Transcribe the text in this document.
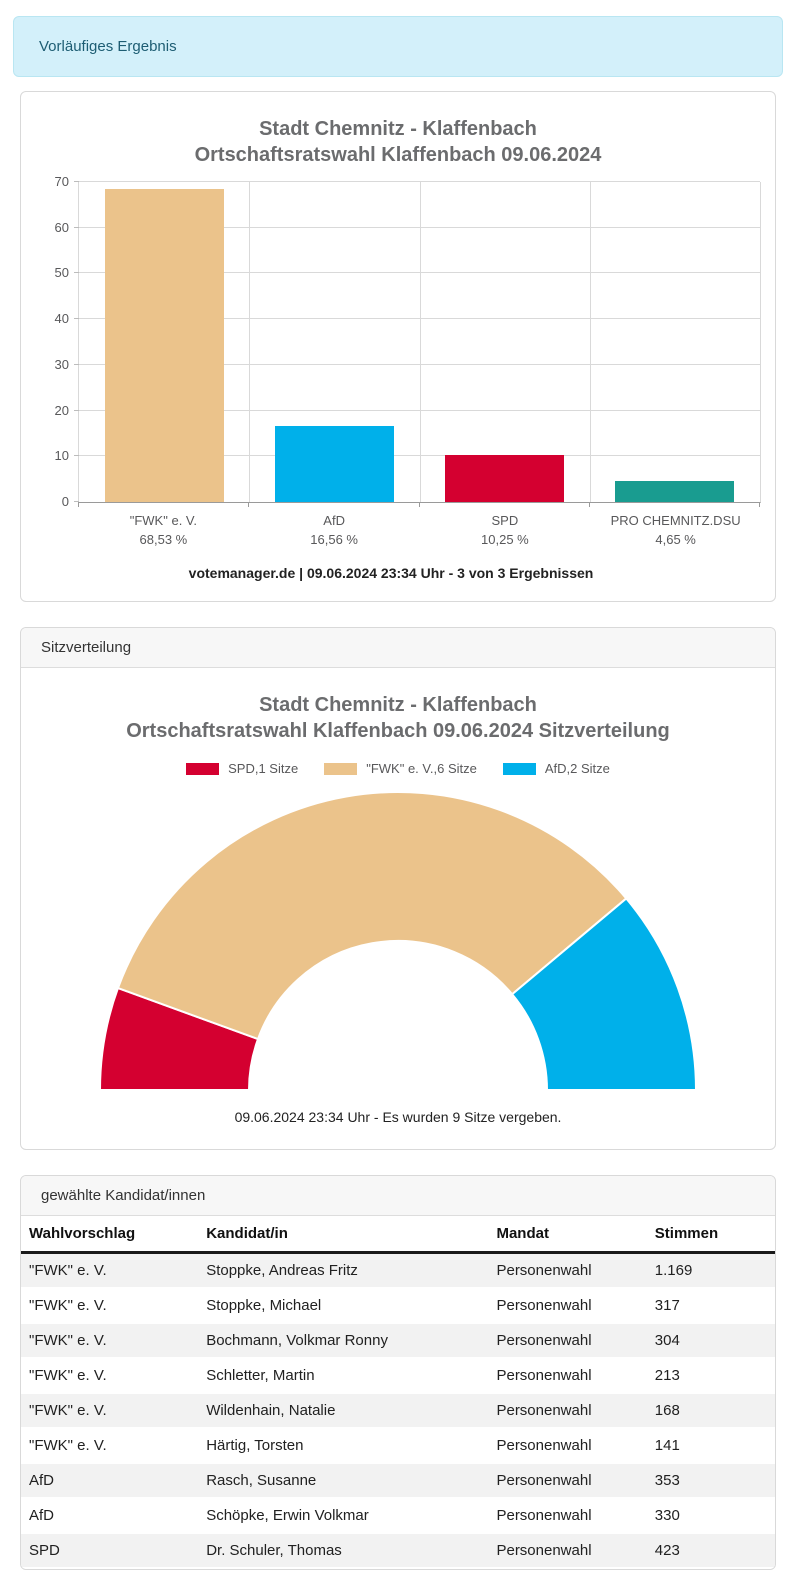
Vorläufiges Ergebnis
Stadt Chemnitz - Klaffenbach
Ortschaftsratswahl Klaffenbach 09.06.2024
0
10
20
30
40
50
60
70
"FWK" e. V.
68,53 %
AfD
16,56 %
SPD
10,25 %
PRO CHEMNITZ.DSU
4,65 %
votemanager.de | 09.06.2024 23:34 Uhr - 3 von 3 Ergebnissen
Sitzverteilung
Stadt Chemnitz - Klaffenbach
Ortschaftsratswahl Klaffenbach 09.06.2024 Sitzverteilung
SPD,1 Sitze	"FWK" e. V.,6 Sitze	AfD,2 Sitze
09.06.2024 23:34 Uhr - Es wurden 9 Sitze vergeben.
gewählte Kandidat/innen
Wahlvorschlag	Kandidat/in	Mandat	Stimmen
"FWK" e. V.	Stoppke, Andreas Fritz	Personenwahl	1.169
"FWK" e. V.	Stoppke, Michael	Personenwahl	317
"FWK" e. V.	Bochmann, Volkmar Ronny	Personenwahl	304
"FWK" e. V.	Schletter, Martin	Personenwahl	213
"FWK" e. V.	Wildenhain, Natalie	Personenwahl	168
"FWK" e. V.	Härtig, Torsten	Personenwahl	141
AfD	Rasch, Susanne	Personenwahl	353
AfD	Schöpke, Erwin Volkmar	Personenwahl	330
SPD	Dr. Schuler, Thomas	Personenwahl	423
